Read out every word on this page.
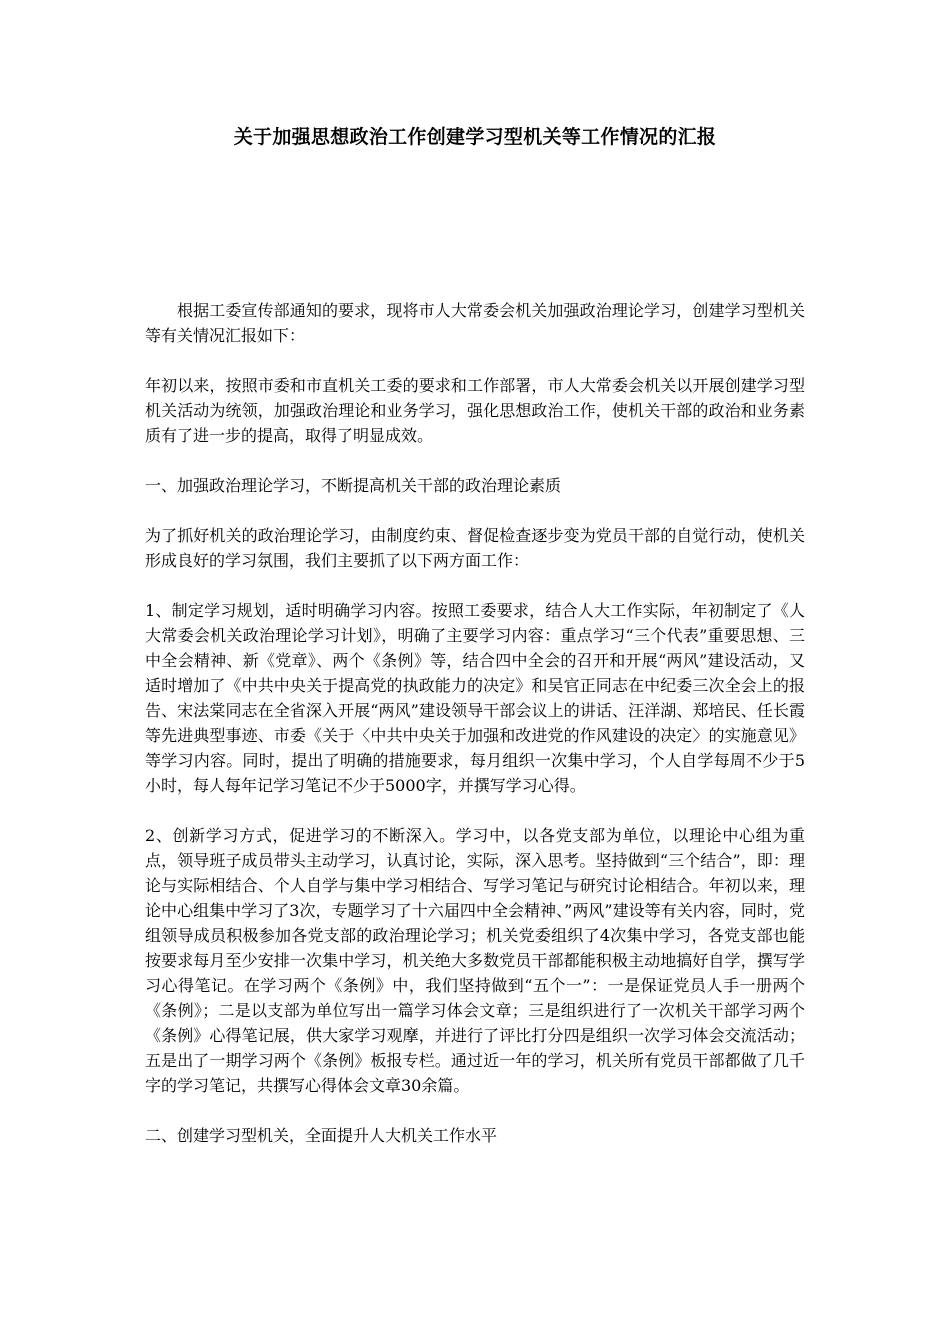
关于加强思想政治工作创建学习型机关等工作情况的汇报

根据工委宣传部通知的要求，现将市人大常委会机关加强政治理论学习，创建学习型机关等有关情况汇报如下：

年初以来，按照市委和市直机关工委的要求和工作部署，市人大常委会机关以开展创建学习型机关活动为统领，加强政治理论和业务学习，强化思想政治工作，使机关干部的政治和业务素质有了进一步的提高，取得了明显成效。

一、加强政治理论学习，不断提高机关干部的政治理论素质

为了抓好机关的政治理论学习，由制度约束、督促检查逐步变为党员干部的自觉行动，使机关形成良好的学习氛围，我们主要抓了以下两方面工作：

1、制定学习规划，适时明确学习内容。按照工委要求，结合人大工作实际，年初制定了《人大常委会机关政治理论学习计划》，明确了主要学习内容：重点学习“三个代表”重要思想、三中全会精神、新《党章》、两个《条例》等，结合四中全会的召开和开展“两风”建设活动，又适时增加了《中共中央关于提高党的执政能力的决定》和吴官正同志在中纪委三次全会上的报告、宋法棠同志在全省深入开展“两风”建设领导干部会议上的讲话、汪洋湖、郑培民、任长霞等先进典型事迹、市委《关于〈中共中央关于加强和改进党的作风建设的决定〉的实施意见》等学习内容。同时，提出了明确的措施要求，每月组织一次集中学习，个人自学每周不少于5小时，每人每年记学习笔记不少于5000字，并撰写学习心得。

2、创新学习方式，促进学习的不断深入。学习中，以各党支部为单位，以理论中心组为重点，领导班子成员带头主动学习，认真讨论，实际，深入思考。坚持做到“三个结合”，即：理论与实际相结合、个人自学与集中学习相结合、写学习笔记与研究讨论相结合。年初以来，理论中心组集中学习了3次，专题学习了十六届四中全会精神、”两风”建设等有关内容，同时，党组领导成员积极参加各党支部的政治理论学习；机关党委组织了4次集中学习，各党支部也能按要求每月至少安排一次集中学习，机关绝大多数党员干部都能积极主动地搞好自学，撰写学习心得笔记。在学习两个《条例》中，我们坚持做到“五个一”：一是保证党员人手一册两个《条例》；二是以支部为单位写出一篇学习体会文章；三是组织进行了一次机关干部学习两个《条例》心得笔记展，供大家学习观摩，并进行了评比打分四是组织一次学习体会交流活动；五是出了一期学习两个《条例》板报专栏。通过近一年的学习，机关所有党员干部都做了几千字的学习笔记，共撰写心得体会文章30余篇。

二、创建学习型机关，全面提升人大机关工作水平
